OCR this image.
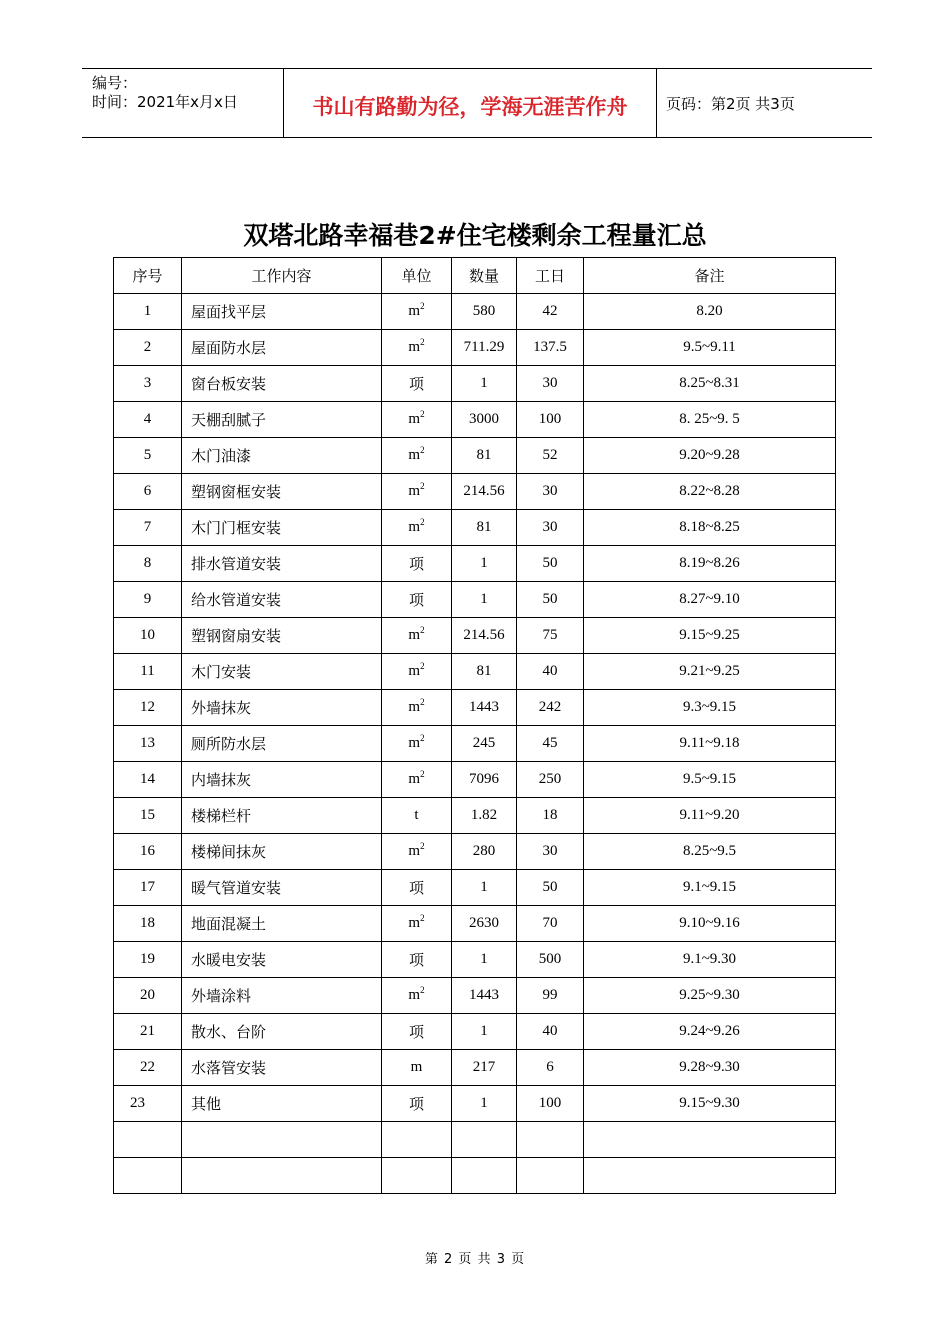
编号：
时间：2021年x月x日	书山有路勤为径，学海无涯苦作舟	页码：第2页 共3页
双塔北路幸福巷2#住宅楼剩余工程量汇总
序号	工作内容	单位	数量	工日	备注
1	屋面找平层	$m^2$	580	42	8.20
2	屋面防水层	$m^2$	711.29	137.5	9.5~9.11
3	窗台板安装	项	1	30	8.25~8.31
4	天棚刮腻子	$m^2$	3000	100	8. 25~9. 5
5	木门油漆	$m^2$	81	52	9.20~9.28
6	塑钢窗框安装	$m^2$	214.56	30	8.22~8.28
7	木门门框安装	$m^2$	81	30	8.18~8.25
8	排水管道安装	项	1	50	8.19~8.26
9	给水管道安装	项	1	50	8.27~9.10
10	塑钢窗扇安装	$m^2$	214.56	75	9.15~9.25
11	木门安装	$m^2$	81	40	9.21~9.25
12	外墙抹灰	$m^2$	1443	242	9.3~9.15
13	厕所防水层	$m^2$	245	45	9.11~9.18
14	内墙抹灰	$m^2$	7096	250	9.5~9.15
15	楼梯栏杆	t	1.82	18	9.11~9.20
16	楼梯间抹灰	$m^2$	280	30	8.25~9.5
17	暖气管道安装	项	1	50	9.1~9.15
18	地面混凝土	$m^2$	2630	70	9.10~9.16
19	水暖电安装	项	1	500	9.1~9.30
20	外墙涂料	$m^2$	1443	99	9.25~9.30
21	散水、台阶	项	1	40	9.24~9.26
22	水落管安装	m	217	6	9.28~9.30
23	其他	项	1	100	9.15~9.30

第 2 页 共 3 页
